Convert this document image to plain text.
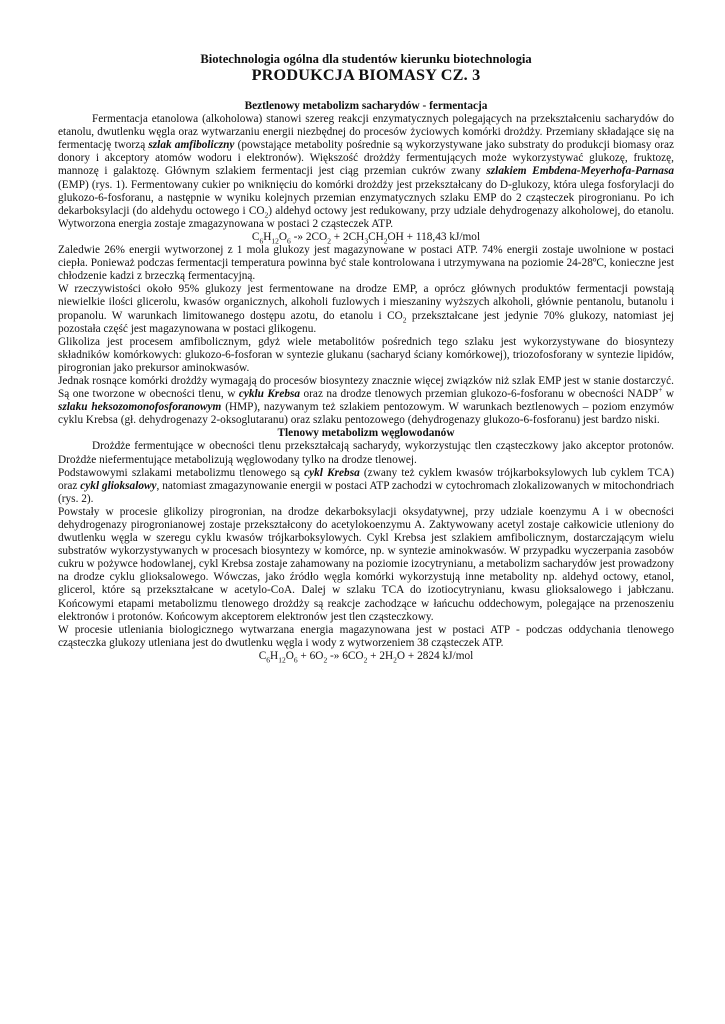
Biotechnologia ogólna dla studentów kierunku biotechnologia

PRODUKCJA BIOMASY CZ. 3

Beztlenowy metabolizm sacharydów - fermentacja

Fermentacja etanolowa (alkoholowa) stanowi szereg reakcji enzymatycznych polegających na przekształceniu sacharydów do etanolu, dwutlenku węgla oraz wytwarzaniu energii niezbędnej do procesów życiowych komórki drożdży. Przemiany składające się na fermentację tworzą szlak amfiboliczny (powstające metabolity pośrednie są wykorzystywane jako substraty do produkcji biomasy oraz donory i akceptory atomów wodoru i elektronów). Większość drożdży fermentujących może wykorzystywać glukozę, fruktozę, mannozę i galaktozę. Głównym szlakiem fermentacji jest ciąg przemian cukrów zwany szlakiem Embdena-Meyerhofa-Parnasa (EMP) (rys. 1). Fermentowany cukier po wniknięciu do komórki drożdży jest przekształcany do D-glukozy, która ulega fosforylacji do glukozo-6-fosforanu, a następnie w wyniku kolejnych przemian enzymatycznych szlaku EMP do 2 cząsteczek pirogronianu. Po ich dekarboksylacji (do aldehydu octowego i $CO_2$) aldehyd octowy jest redukowany, przy udziale dehydrogenazy alkoholowej, do etanolu. Wytworzona energia zostaje zmagazynowana w postaci 2 cząsteczek ATP.

$C_6H_{12}O_6$ -» $2CO_2 + 2CH_3CH_2OH + 118,43$ kJ/mol

Zaledwie 26% energii wytworzonej z 1 mola glukozy jest magazynowane w postaci ATP. 74% energii zostaje uwolnione w postaci ciepła. Ponieważ podczas fermentacji temperatura powinna być stale kontrolowana i utrzymywana na poziomie 24-28ºC, konieczne jest chłodzenie kadzi z brzeczką fermentacyjną.

W rzeczywistości około 95% glukozy jest fermentowane na drodze EMP, a oprócz głównych produktów fermentacji powstają niewielkie ilości glicerolu, kwasów organicznych, alkoholi fuzlowych i mieszaniny wyższych alkoholi, głównie pentanolu, butanolu i propanolu. W warunkach limitowanego dostępu azotu, do etanolu i $CO_2$ przekształcane jest jedynie 70% glukozy, natomiast jej pozostała część jest magazynowana w postaci glikogenu.

Glikoliza jest procesem amfibolicznym, gdyż wiele metabolitów pośrednich tego szlaku jest wykorzystywane do biosyntezy składników komórkowych: glukozo-6-fosforan w syntezie glukanu (sacharyd ściany komórkowej), triozofosforany w syntezie lipidów, pirogronian jako prekursor aminokwasów.

Jednak rosnące komórki drożdży wymagają do procesów biosyntezy znacznie więcej związków niż szlak EMP jest w stanie dostarczyć. Są one tworzone w obecności tlenu, w cyklu Krebsa oraz na drodze tlenowych przemian glukozo-6-fosforanu w obecności NADP+ w szlaku heksozomonofosforanowym (HMP), nazywanym też szlakiem pentozowym. W warunkach beztlenowych – poziom enzymów cyklu Krebsa (gł. dehydrogenazy 2-oksoglutaranu) oraz szlaku pentozowego (dehydrogenazy glukozo-6-fosforanu) jest bardzo niski.

Tlenowy metabolizm węglowodanów

Drożdże fermentujące w obecności tlenu przekształcają sacharydy, wykorzystując tlen cząsteczkowy jako akceptor protonów. Drożdże niefermentujące metabolizują węglowodany tylko na drodze tlenowej.

Podstawowymi szlakami metabolizmu tlenowego są cykl Krebsa (zwany też cyklem kwasów trójkarboksylowych lub cyklem TCA) oraz cykl glioksalowy, natomiast zmagazynowanie energii w postaci ATP zachodzi w cytochromach zlokalizowanych w mitochondriach (rys. 2).

Powstały w procesie glikolizy pirogronian, na drodze dekarboksylacji oksydatywnej, przy udziale koenzymu A i w obecności dehydrogenazy pirogronianowej zostaje przekształcony do acetylokoenzymu A. Zaktywowany acetyl zostaje całkowicie utleniony do dwutlenku węgla w szeregu cyklu kwasów trójkarboksylowych. Cykl Krebsa jest szlakiem amfibolicznym, dostarczającym wielu substratów wykorzystywanych w procesach biosyntezy w komórce, np. w syntezie aminokwasów. W przypadku wyczerpania zasobów cukru w pożywce hodowlanej, cykl Krebsa zostaje zahamowany na poziomie izocytrynianu, a metabolizm sacharydów jest prowadzony na drodze cyklu glioksalowego. Wówczas, jako źródło węgla komórki wykorzystują inne metabolity np. aldehyd octowy, etanol, glicerol, które są przekształcane w acetylo-CoA. Dalej w szlaku TCA do izotiocytrynianu, kwasu glioksalowego i jabłczanu. Końcowymi etapami metabolizmu tlenowego drożdży są reakcje zachodzące w łańcuchu oddechowym, polegające na przenoszeniu elektronów i protonów. Końcowym akceptorem elektronów jest tlen cząsteczkowy.

W procesie utleniania biologicznego wytwarzana energia magazynowana jest w postaci ATP - podczas oddychania tlenowego cząsteczka glukozy utleniana jest do dwutlenku węgla i wody z wytworzeniem 38 cząsteczek ATP.

$C_6H_{12}O_6 + 6O_2$ -» $6CO_2 + 2H_2O + 2824$ kJ/mol
